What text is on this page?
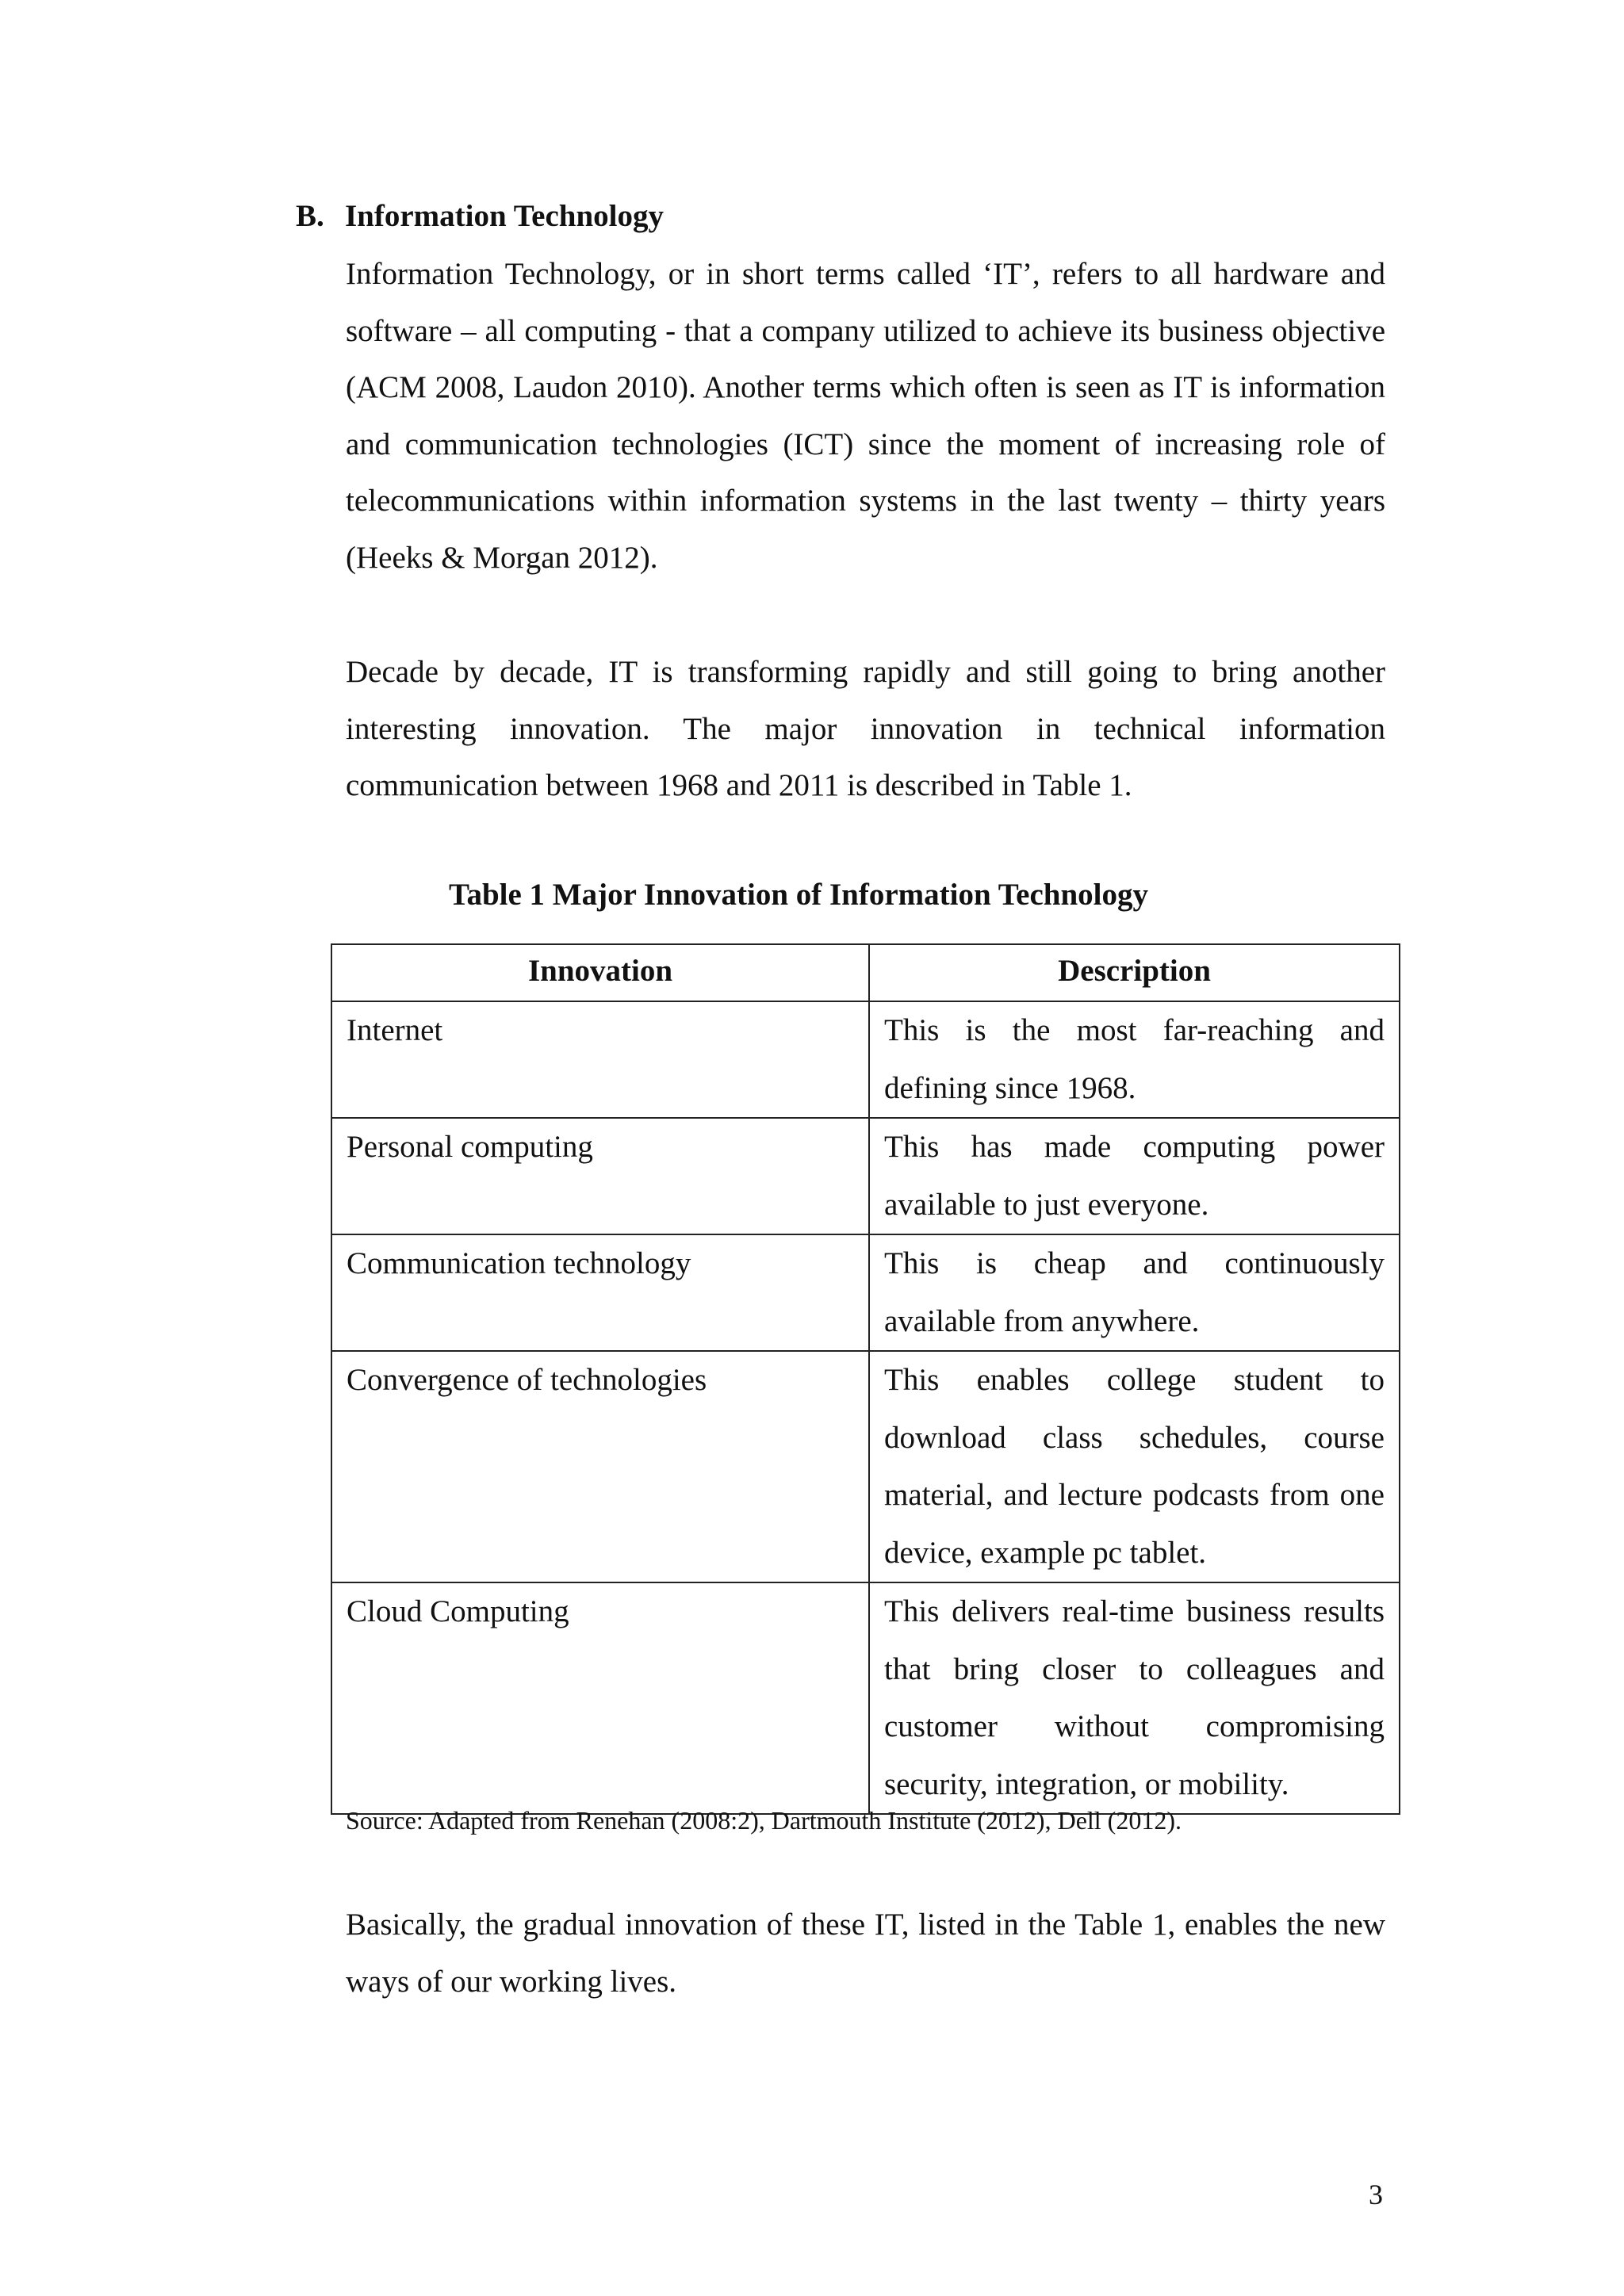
B. Information Technology

Information Technology, or in short terms called ‘IT’, refers to all hardware and software – all computing - that a company utilized to achieve its business objective (ACM 2008, Laudon 2010). Another terms which often is seen as IT is information and communication technologies (ICT) since the moment of increasing role of telecommunications within information systems in the last twenty – thirty years (Heeks & Morgan 2012).

Decade by decade, IT is transforming rapidly and still going to bring another interesting innovation. The major innovation in technical information communication between 1968 and 2011 is described in Table 1.

Table 1 Major Innovation of Information Technology

Innovation	Description
Internet	This is the most far-reaching and defining since 1968.
Personal computing	This has made computing power available to just everyone.
Communication technology	This is cheap and continuously available from anywhere.
Convergence of technologies	This enables college student to download class schedules, course material, and lecture podcasts from one device, example pc tablet.
Cloud Computing	This delivers real-time business results that bring closer to colleagues and customer without compromising security, integration, or mobility.

Source: Adapted from Renehan (2008:2), Dartmouth Institute (2012), Dell (2012).

Basically, the gradual innovation of these IT, listed in the Table 1, enables the new ways of our working lives.

3
